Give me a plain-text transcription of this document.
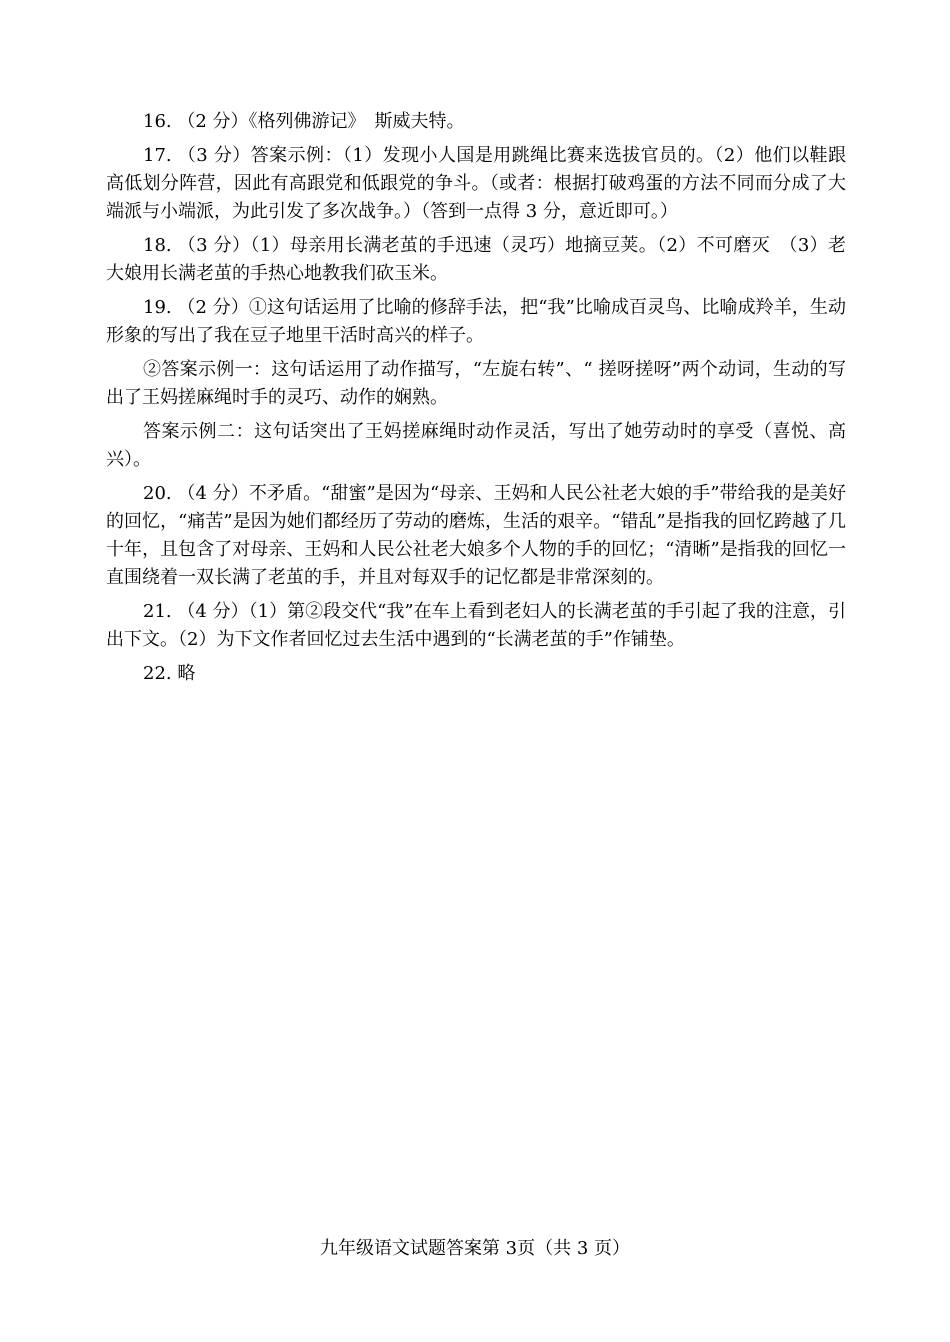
16. （2 分）《格列佛游记》　斯威夫特。

17. （3 分）答案示例：（1）发现小人国是用跳绳比赛来选拔官员的。（2）他们以鞋跟高低划分阵营，因此有高跟党和低跟党的争斗。（或者：根据打破鸡蛋的方法不同而分成了大端派与小端派，为此引发了多次战争。）（答到一点得 3 分，意近即可。）

18. （3 分）（1）母亲用长满老茧的手迅速（灵巧）地摘豆荚。（2）不可磨灭　（3）老大娘用长满老茧的手热心地教我们砍玉米。

19. （2 分）①这句话运用了比喻的修辞手法，把“我”比喻成百灵鸟、比喻成羚羊，生动形象的写出了我在豆子地里干活时高兴的样子。

②答案示例一：这句话运用了动作描写，“左旋右转”、“ 搓呀搓呀”两个动词，生动的写出了王妈搓麻绳时手的灵巧、动作的娴熟。

答案示例二：这句话突出了王妈搓麻绳时动作灵活，写出了她劳动时的享受（喜悦、高兴）。

20. （4 分）不矛盾。“甜蜜”是因为“母亲、王妈和人民公社老大娘的手”带给我的是美好的回忆，“痛苦”是因为她们都经历了劳动的磨炼，生活的艰辛。“错乱”是指我的回忆跨越了几十年，且包含了对母亲、王妈和人民公社老大娘多个人物的手的回忆；“清晰”是指我的回忆一直围绕着一双长满了老茧的手，并且对每双手的记忆都是非常深刻的。

21. （4 分）（1）第②段交代“我”在车上看到老妇人的长满老茧的手引起了我的注意，引出下文。（2）为下文作者回忆过去生活中遇到的“长满老茧的手”作铺垫。

22. 略

九年级语文试题答案第 3页（共 3 页）
